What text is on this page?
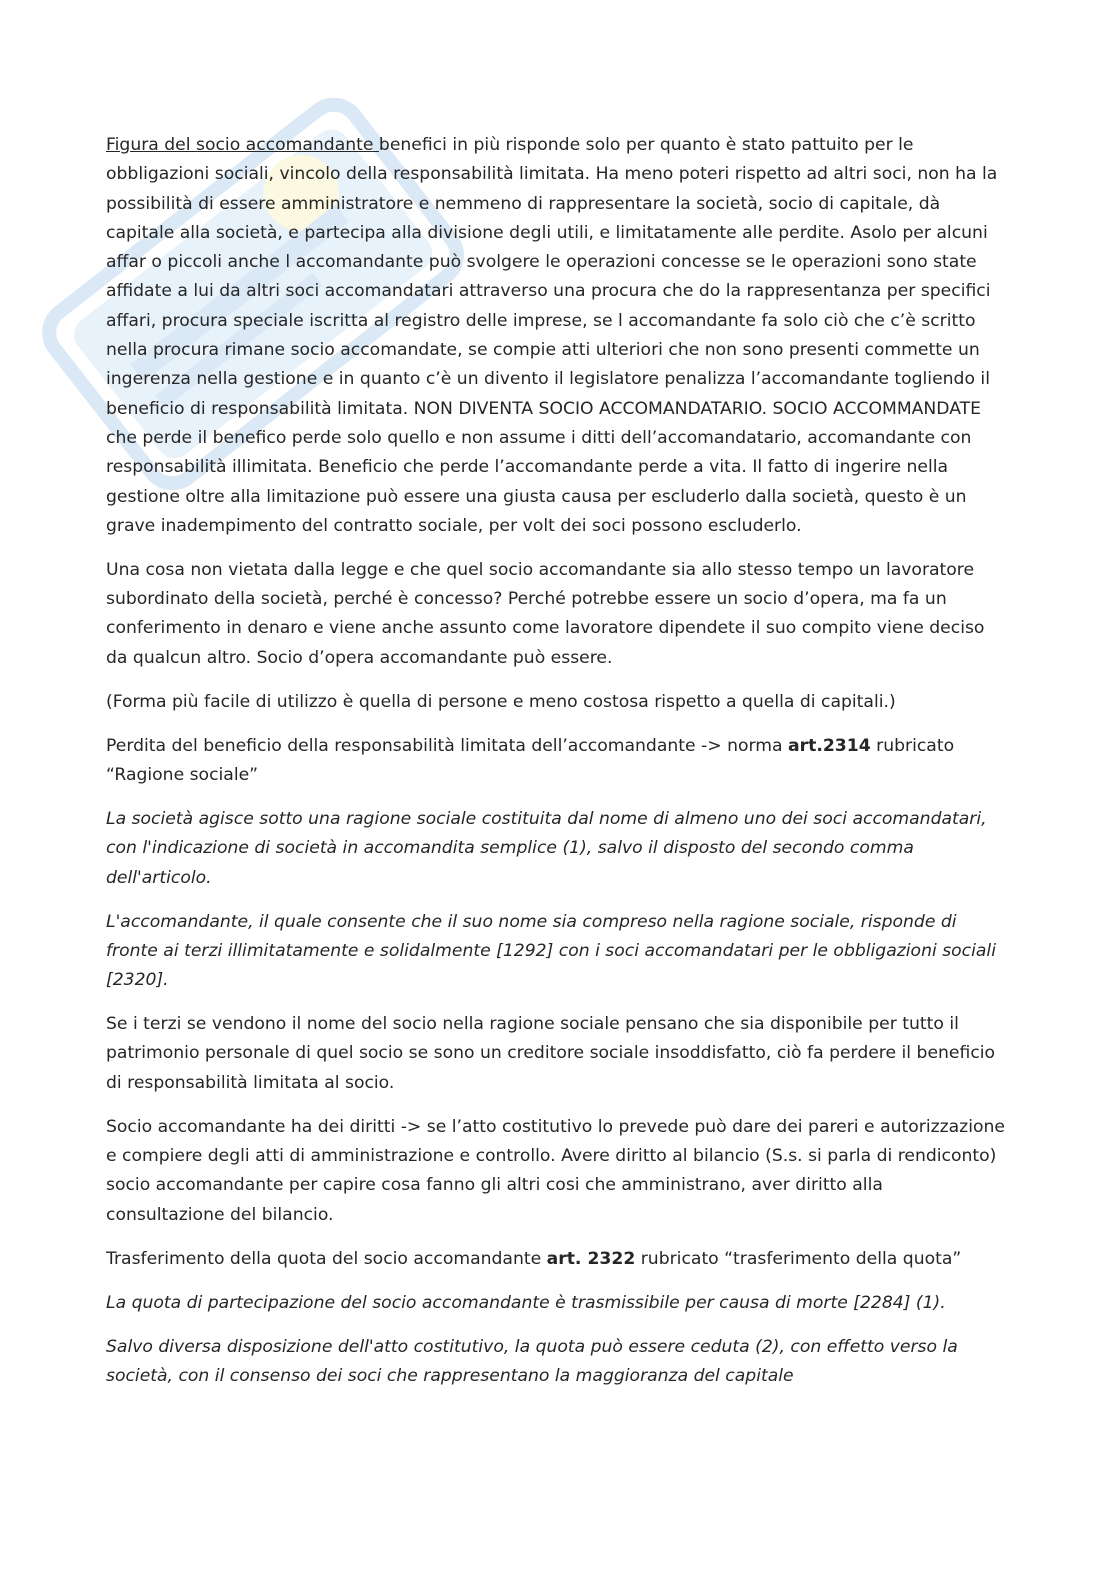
Figura del socio accomandante benefici in più risponde solo per quanto è stato pattuito per le obbligazioni sociali, vincolo della responsabilità limitata. Ha meno poteri rispetto ad altri soci, non ha la possibilità di essere amministratore e nemmeno di rappresentare la società, socio di capitale, dà capitale alla società, e partecipa alla divisione degli utili, e limitatamente alle perdite. Asolo per alcuni affar o piccoli anche l accomandante può svolgere le operazioni concesse se le operazioni sono state affidate a lui da altri soci accomandatari attraverso una procura che do la rappresentanza per specifici affari, procura speciale iscritta al registro delle imprese, se l accomandante fa solo ciò che c’è scritto nella procura rimane socio accomandate, se compie atti ulteriori che non sono presenti commette un ingerenza nella gestione e in quanto c’è un divento il legislatore penalizza l’accomandante togliendo il beneficio di responsabilità limitata. NON DIVENTA SOCIO ACCOMANDATARIO. SOCIO ACCOMMANDATE che perde il benefico perde solo quello e non assume i ditti dell’accomandatario, accomandante con responsabilità illimitata. Beneficio che perde l’accomandante perde a vita. Il fatto di ingerire nella gestione oltre alla limitazione può essere una giusta causa per escluderlo dalla società, questo è un grave inadempimento del contratto sociale, per volt dei soci possono escluderlo.

Una cosa non vietata dalla legge e che quel socio accomandante sia allo stesso tempo un lavoratore subordinato della società, perché è concesso? Perché potrebbe essere un socio d’opera, ma fa un conferimento in denaro e viene anche assunto come lavoratore dipendete il suo compito viene deciso da qualcun altro. Socio d’opera accomandante può essere.

(Forma più facile di utilizzo è quella di persone e meno costosa rispetto a quella di capitali.)

Perdita del beneficio della responsabilità limitata dell’accomandante -> norma art.2314 rubricato “Ragione sociale”

La società agisce sotto una ragione sociale costituita dal nome di almeno uno dei soci accomandatari, con l'indicazione di società in accomandita semplice (1), salvo il disposto del secondo comma dell'articolo.

L'accomandante, il quale consente che il suo nome sia compreso nella ragione sociale, risponde di fronte ai terzi illimitatamente e solidalmente [1292] con i soci accomandatari per le obbligazioni sociali [2320].

Se i terzi se vendono il nome del socio nella ragione sociale pensano che sia disponibile per tutto il patrimonio personale di quel socio se sono un creditore sociale insoddisfatto, ciò fa perdere il beneficio di responsabilità limitata al socio.

Socio accomandante ha dei diritti -> se l’atto costitutivo lo prevede può dare dei pareri e autorizzazione e compiere degli atti di amministrazione e controllo. Avere diritto al bilancio (S.s. si parla di rendiconto) socio accomandante per capire cosa fanno gli altri cosi che amministrano, aver diritto alla consultazione del bilancio.

Trasferimento della quota del socio accomandante art. 2322 rubricato “trasferimento della quota”

La quota di partecipazione del socio accomandante è trasmissibile per causa di morte [2284] (1).

Salvo diversa disposizione dell'atto costitutivo, la quota può essere ceduta (2), con effetto verso la società, con il consenso dei soci che rappresentano la maggioranza del capitale
